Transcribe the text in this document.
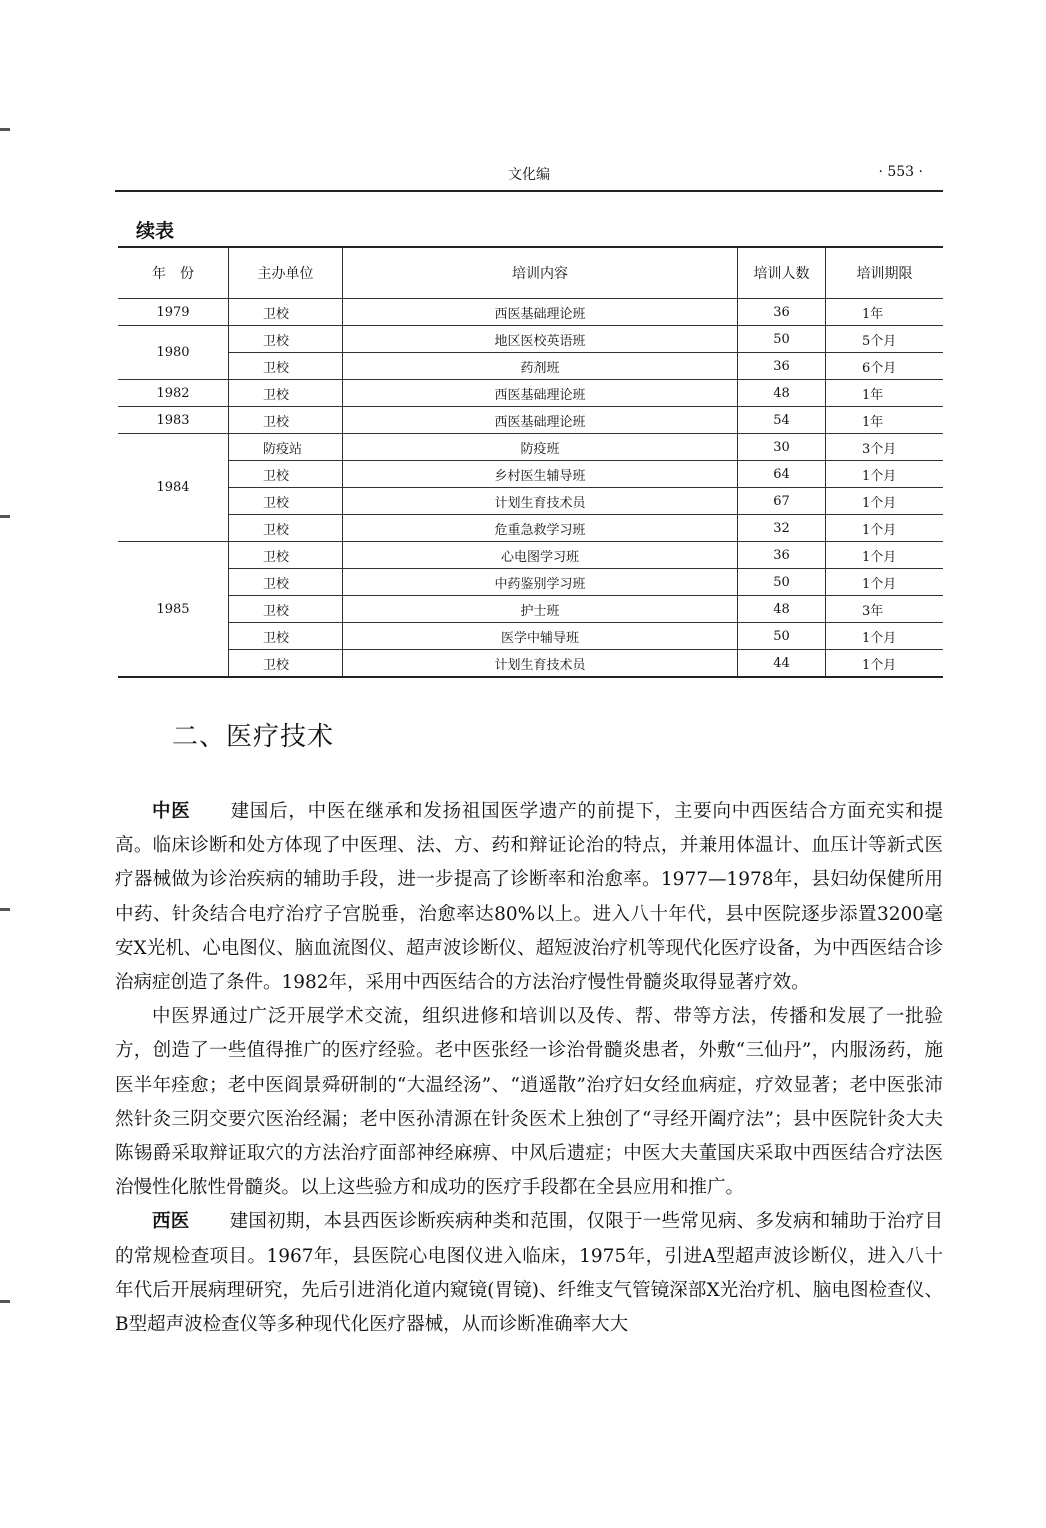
文化编	· 553 ·
续表
年　份	主办单位	培训内容	培训人数	培训期限
1979	卫校	西医基础理论班	36	1年
1980	卫校	地区医校英语班	50	5个月
	卫校	药剂班	36	6个月
1982	卫校	西医基础理论班	48	1年
1983	卫校	西医基础理论班	54	1年
1984	防疫站	防疫班	30	3个月
	卫校	乡村医生辅导班	64	1个月
	卫校	计划生育技术员	67	1个月
	卫校	危重急救学习班	32	1个月
1985	卫校	心电图学习班	36	1个月
	卫校	中药鉴别学习班	50	1个月
	卫校	护士班	48	3年
	卫校	医学中辅导班	50	1个月
	卫校	计划生育技术员	44	1个月
二、医疗技术

中医 建国后，中医在继承和发扬祖国医学遗产的前提下，主要向中西医结合方面充实和提高。临床诊断和处方体现了中医理、法、方、药和辩证论治的特点，并兼用体温计、血压计等新式医疗器械做为诊治疾病的辅助手段，进一步提高了诊断率和治愈率。1977—1978年，县妇幼保健所用中药、针灸结合电疗治疗子宫脱垂，治愈率达80%以上。进入八十年代，县中医院逐步添置3200毫安X光机、心电图仪、脑血流图仪、超声波诊断仪、超短波治疗机等现代化医疗设备，为中西医结合诊治病症创造了条件。1982年，采用中西医结合的方法治疗慢性骨髓炎取得显著疗效。

中医界通过广泛开展学术交流，组织进修和培训以及传、帮、带等方法，传播和发展了一批验方，创造了一些值得推广的医疗经验。老中医张经一诊治骨髓炎患者，外敷“三仙丹”，内服汤药，施医半年痊愈；老中医阎景舜研制的“大温经汤”、“逍遥散”治疗妇女经血病症，疗效显著；老中医张沛然针灸三阴交要穴医治经漏；老中医孙清源在针灸医术上独创了“寻经开阖疗法”；县中医院针灸大夫陈锡爵采取辩证取穴的方法治疗面部神经麻痹、中风后遗症；中医大夫董国庆采取中西医结合疗法医治慢性化脓性骨髓炎。以上这些验方和成功的医疗手段都在全县应用和推广。

西医 建国初期，本县西医诊断疾病种类和范围，仅限于一些常见病、多发病和辅助于治疗目的常规检查项目。1967年，县医院心电图仪进入临床，1975年，引进A型超声波诊断仪，进入八十年代后开展病理研究，先后引进消化道内窥镜(胃镜)、纤维支气管镜深部X光治疗机、脑电图检查仪、B型超声波检查仪等多种现代化医疗器械，从而诊断准确率大大
